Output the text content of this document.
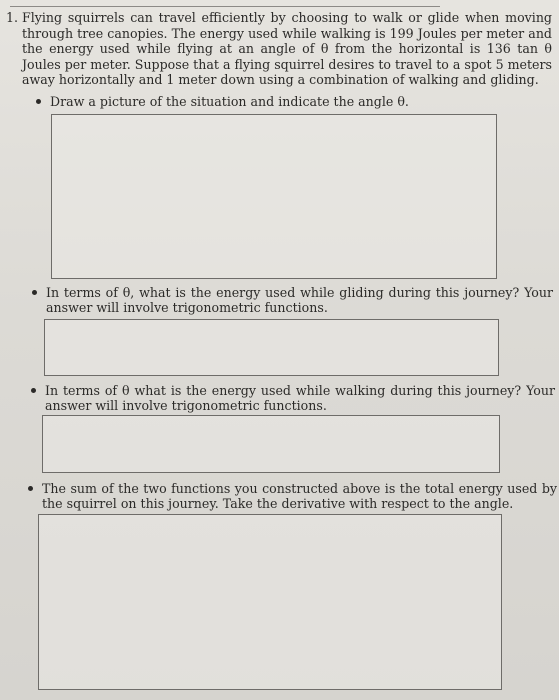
1. Flying squirrels can travel efficiently by choosing to walk or glide when moving through tree canopies. The energy used while walking is 199 Joules per meter and the energy used while flying at an angle of θ from the horizontal is 136 tan θ Joules per meter. Suppose that a flying squirrel desires to travel to a spot 5 meters away horizontally and 1 meter down using a combination of walking and gliding.
Draw a picture of the situation and indicate the angle θ.
In terms of θ, what is the energy used while gliding during this journey? Your answer will involve trigonometric functions.
In terms of θ what is the energy used while walking during this journey? Your answer will involve trigonometric functions.
The sum of the two functions you constructed above is the total energy used by the squirrel on this journey. Take the derivative with respect to the angle.
